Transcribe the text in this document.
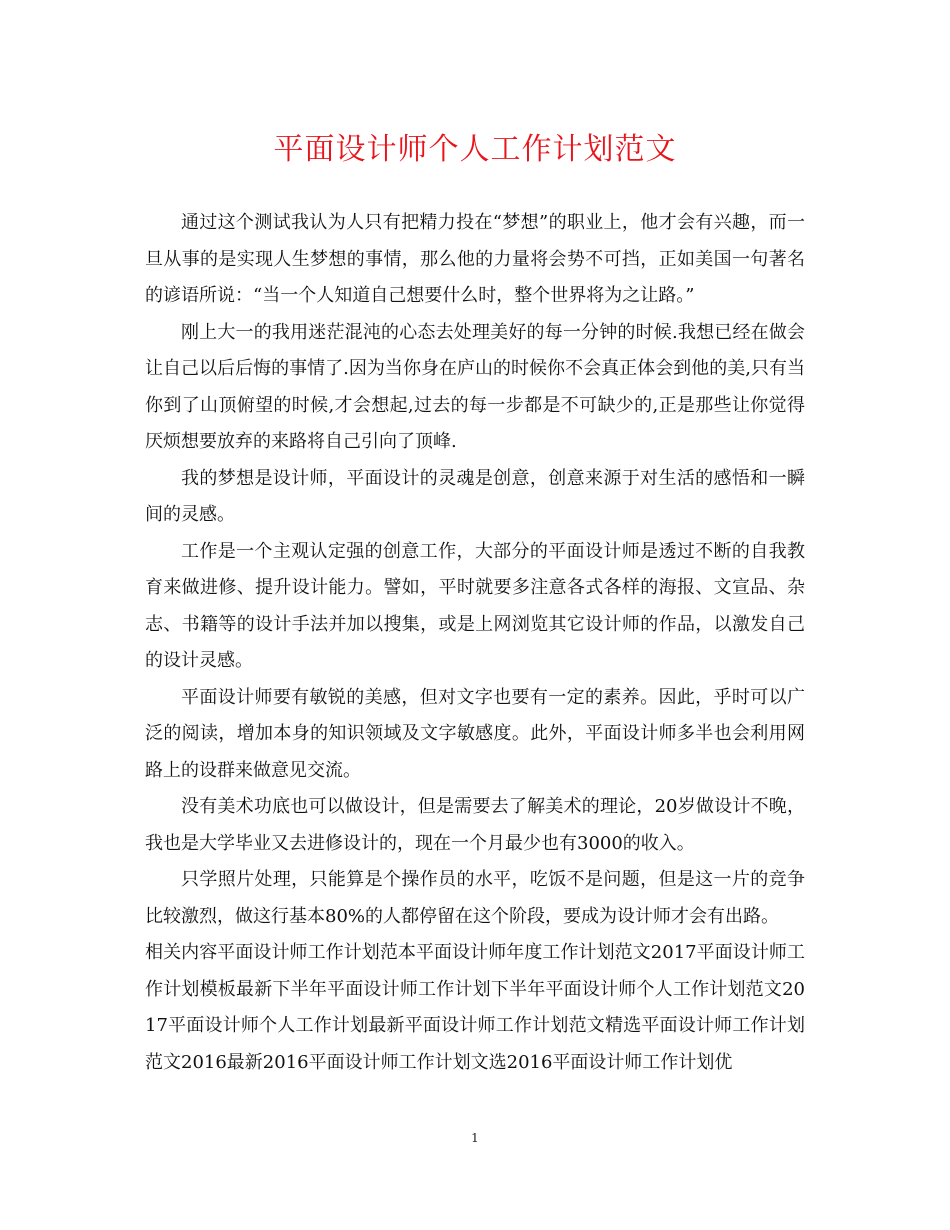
平面设计师个人工作计划范文

通过这个测试我认为人只有把精力投在“梦想”的职业上，他才会有兴趣，而一旦从事的是实现人生梦想的事情，那么他的力量将会势不可挡，正如美国一句著名的谚语所说：“当一个人知道自己想要什么时，整个世界将为之让路。”

刚上大一的我用迷茫混沌的心态去处理美好的每一分钟的时候.我想已经在做会让自己以后后悔的事情了.因为当你身在庐山的时候你不会真正体会到他的美,只有当你到了山顶俯望的时候,才会想起,过去的每一步都是不可缺少的,正是那些让你觉得厌烦想要放弃的来路将自己引向了顶峰.

我的梦想是设计师，平面设计的灵魂是创意，创意来源于对生活的感悟和一瞬间的灵感。

工作是一个主观认定强的创意工作，大部分的平面设计师是透过不断的自我教育来做进修、提升设计能力。譬如，平时就要多注意各式各样的海报、文宣品、杂志、书籍等的设计手法并加以搜集，或是上网浏览其它设计师的作品，以激发自己的设计灵感。

平面设计师要有敏锐的美感，但对文字也要有一定的素养。因此，乎时可以广泛的阅读，增加本身的知识领域及文字敏感度。此外，平面设计师多半也会利用网路上的设群来做意见交流。

没有美术功底也可以做设计，但是需要去了解美术的理论，20岁做设计不晚，我也是大学毕业又去进修设计的，现在一个月最少也有3000的收入。

只学照片处理，只能算是个操作员的水平，吃饭不是问题，但是这一片的竞争比较激烈，做这行基本80%的人都停留在这个阶段，要成为设计师才会有出路。

相关内容平面设计师工作计划范本平面设计师年度工作计划范文2017平面设计师工作计划模板最新下半年平面设计师工作计划下半年平面设计师个人工作计划范文2017平面设计师个人工作计划最新平面设计师工作计划范文精选平面设计师工作计划范文2016最新2016平面设计师工作计划文选2016平面设计师工作计划优

1
